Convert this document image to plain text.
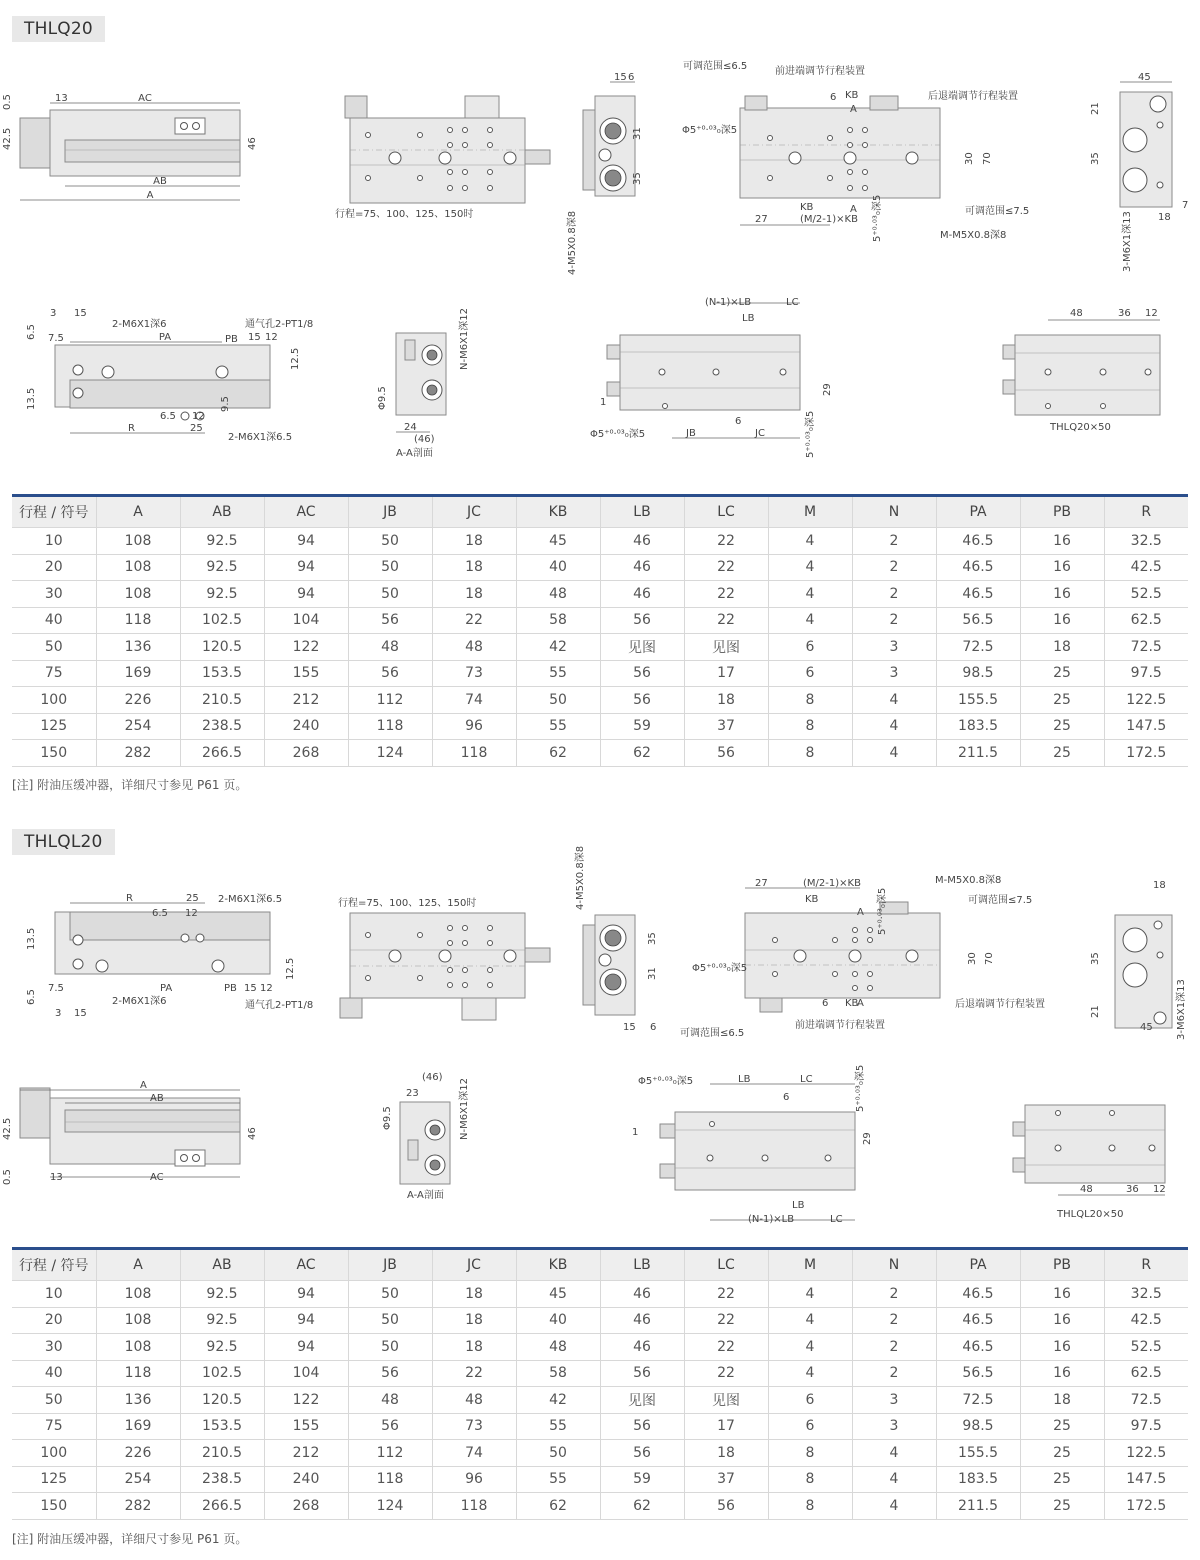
THLQ20
AC
13
AB
A
42.5
0.5
46
行程=75、100、125、150时
15 6
31
35
4-M5X0.8深8	27
KB
(M/2-1)×KB
6 KB
A
A
30 70
5⁺⁰·⁰³₀深5
Φ5⁺⁰·⁰³₀深5
可调范围≤6.5	前进端调节行程装置
后退端调节行程装置
可调范围≤7.5
M-M5X0.8深8
45
21
35
18
7
3-M6X1深13
PA	PB 15 12
3 15
7.5
6.5
13.5
12.5
R	25
6.5 12
9.5
2-M6X1深6	通气孔2-PT1/8
2-M6X1深6.5
24
(46)
Φ9.5
N-M6X1深12
A-A剖面
(N-1)×LB	LC
LB
JB	JC
6
29
1
5⁺⁰·⁰³₀深5
Φ5⁺⁰·⁰³₀深5
48	36 12
THLQ20×50
行程 / 符号	A	AB	AC	JB	JC	KB	LB	LC	M	N	PA	PB	R
10	108	92.5	94	50	18	45	46	22	4	2	46.5	16	32.5
20	108	92.5	94	50	18	40	46	22	4	2	46.5	16	42.5
30	108	92.5	94	50	18	48	46	22	4	2	46.5	16	52.5
40	118	102.5	104	56	22	58	56	22	4	2	56.5	16	62.5
50	136	120.5	122	48	48	42	见图	见图	6	3	72.5	18	72.5
75	169	153.5	155	56	73	55	56	17	6	3	98.5	25	97.5
100	226	210.5	212	112	74	50	56	18	8	4	155.5	25	122.5
125	254	238.5	240	118	96	55	59	37	8	4	183.5	25	147.5
150	282	266.5	268	124	118	62	62	56	8	4	211.5	25	172.5
[注] 附油压缓冲器，详细尺寸参见 P61 页。
THLQL20
R	25
6.5 12
PA	PB 15 12
7.5
3 15
13.5
6.5
12.5
2-M6X1深6.5
2-M6X1深6	通气孔2-PT1/8
行程=75、100、125、150时
15 6
35
31
4-M5X0.8深8	27	(M/2-1)×KB
KB
A
A
6 KB
30 70
5⁺⁰·⁰³₀深5
Φ5⁺⁰·⁰³₀深5
M-M5X0.8深8
可调范围≤7.5
后退端调节行程装置
前进端调节行程装置
可调范围≤6.5
18
45
35
21	3-M6X1深13
A
AB
AC
13
42.5
0.5
46
(46)
23
Φ9.5	N-M6X1深12
A-A剖面
LB	LC
6
LB
(N-1)×LB	LC
29
5⁺⁰·⁰³₀深5
1
Φ5⁺⁰·⁰³₀深5
48	36 12
THLQL20×50
行程 / 符号	A	AB	AC	JB	JC	KB	LB	LC	M	N	PA	PB	R
10	108	92.5	94	50	18	45	46	22	4	2	46.5	16	32.5
20	108	92.5	94	50	18	40	46	22	4	2	46.5	16	42.5
30	108	92.5	94	50	18	48	46	22	4	2	46.5	16	52.5
40	118	102.5	104	56	22	58	56	22	4	2	56.5	16	62.5
50	136	120.5	122	48	48	42	见图	见图	6	3	72.5	18	72.5
75	169	153.5	155	56	73	55	56	17	6	3	98.5	25	97.5
100	226	210.5	212	112	74	50	56	18	8	4	155.5	25	122.5
125	254	238.5	240	118	96	55	59	37	8	4	183.5	25	147.5
150	282	266.5	268	124	118	62	62	56	8	4	211.5	25	172.5
[注] 附油压缓冲器，详细尺寸参见 P61 页。
